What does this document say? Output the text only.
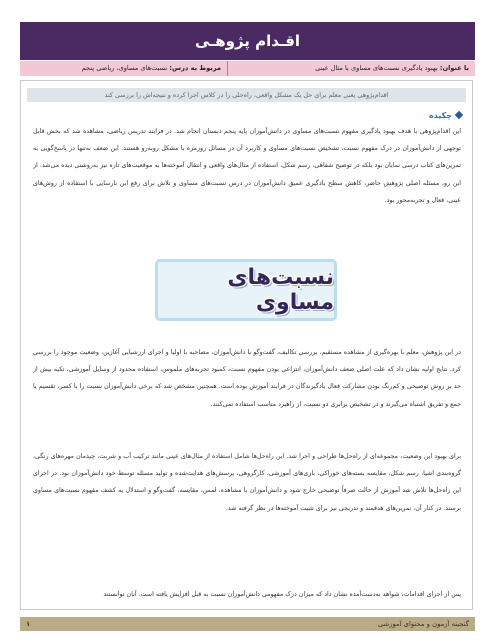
اقـدام پژوهـی
با عنوان: بهبود یادگیری نسبت‌های مساوی با مثال عینی
مربوط به درس: نسبت‌های مساوی، ریاضی پنجم
اقدام‌پژوهی یعنی معلم برای حل یک مشکل واقعی، راه‌حلی را در کلاس اجرا کرده و نتیجه‌اش را بررسی کند
چکیده
این اقدام‌پژوهی با هدف بهبود یادگیری مفهوم نسبت‌های مساوی در دانش‌آموزان پایه پنجم دبستان انجام شد. در فرایند تدریس ریاضی، مشاهده شد که بخش قابل توجهی از دانش‌آموزان در درک مفهوم نسبت، تشخیص نسبت‌های مساوی و کاربرد آن در مسائل روزمره با مشکل روبه‌رو هستند. این ضعف نه‌تنها در پاسخ‌گویی به تمرین‌های کتاب درسی نمایان بود بلکه در توضیح شفاهی، رسم شکل، استفاده از مثال‌های واقعی و انتقال آموخته‌ها به موقعیت‌های تازه نیز به‌روشنی دیده می‌شد. از این رو، مسئله اصلی پژوهش حاضر، کاهش سطح یادگیری عمیق دانش‌آموزان در درس نسبت‌های مساوی و تلاش برای رفع این نارسایی با استفاده از روش‌های عینی، فعال و تجربه‌محور بود.
نسبت‌های مساوی
در این پژوهش، معلم با بهره‌گیری از مشاهده مستقیم، بررسی تکالیف، گفت‌وگو با دانش‌آموزان، مصاحبه با اولیا و اجرای ارزشیابی آغازین، وضعیت موجود را بررسی کرد. نتایج اولیه نشان داد که علت اصلی ضعف دانش‌آموزان، انتزاعی بودن مفهوم نسبت، کمبود تجربه‌های ملموس، استفاده محدود از وسایل آموزشی، تکیه بیش از حد بر روش توضیحی و کم‌رنگ بودن مشارکت فعال یادگیرندگان در فرایند آموزش بوده است. همچنین مشخص شد که برخی دانش‌آموزان نسبت را با کسر، تقسیم یا جمع و تفریق اشتباه می‌گیرند و در تشخیص برابری دو نسبت، از راهبرد مناسب استفاده نمی‌کنند.
برای بهبود این وضعیت، مجموعه‌ای از راه‌حل‌ها طراحی و اجرا شد. این راه‌حل‌ها شامل استفاده از مثال‌های عینی مانند ترکیب آب و شربت، چیدمان مهره‌های رنگی، گروه‌بندی اشیا، رسم شکل، مقایسه بسته‌های خوراکی، بازی‌های آموزشی، کارگروهی، پرسش‌های هدایت‌شده و تولید مسئله توسط خود دانش‌آموزان بود. در اجرای این راه‌حل‌ها تلاش شد آموزش از حالت صرفاً توضیحی خارج شود و دانش‌آموزان با مشاهده، لمس، مقایسه، گفت‌وگو و استدلال به کشف مفهوم نسبت‌های مساوی برسند. در کنار آن، تمرین‌های هدفمند و تدریجی نیز برای تثبیت آموخته‌ها در نظر گرفته شد.
پس از اجرای اقدامات، شواهد به‌دست‌آمده نشان داد که میزان درک مفهومی دانش‌آموزان نسبت به قبل افزایش یافته است. آنان توانستند
گنجینه آزمون و محتوای آموزشی
۱
